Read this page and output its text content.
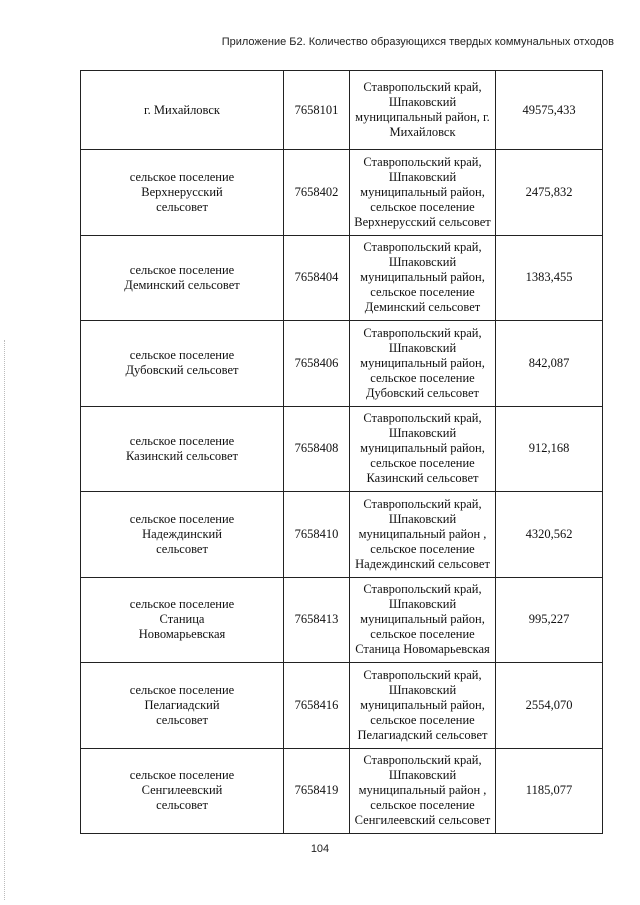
Приложение Б2. Количество образующихся твердых коммунальных отходов
г. Михайловск	7658101	Ставропольский край,
Шпаковский
муниципальный район, г.
Михайловск	49575,433

сельское поселение
Верхнерусский
сельсовет	7658402	Ставропольский край,
Шпаковский
муниципальный район,
сельское поселение
Верхнерусский сельсовет	2475,832

сельское поселение
Деминский сельсовет	7658404	Ставропольский край,
Шпаковский
муниципальный район,
сельское поселение
Деминский сельсовет	1383,455

сельское поселение
Дубовский сельсовет	7658406	Ставропольский край,
Шпаковский
муниципальный район,
сельское поселение
Дубовский сельсовет	842,087

сельское поселение
Казинский сельсовет	7658408	Ставропольский край,
Шпаковский
муниципальный район,
сельское поселение
Казинский сельсовет	912,168

сельское поселение
Надеждинский
сельсовет	7658410	Ставропольский край,
Шпаковский
муниципальный район ,
сельское поселение
Надеждинский сельсовет	4320,562

сельское поселение
Станица
Новомарьевская	7658413	Ставропольский край,
Шпаковский
муниципальный район,
сельское поселение
Станица Новомарьевская	995,227

сельское поселение
Пелагиадский
сельсовет	7658416	Ставропольский край,
Шпаковский
муниципальный район,
сельское поселение
Пелагиадский сельсовет	2554,070

сельское поселение
Сенгилеевский
сельсовет	7658419	Ставропольский край,
Шпаковский
муниципальный район ,
сельское поселение
Сенгилеевский сельсовет	1185,077
104
